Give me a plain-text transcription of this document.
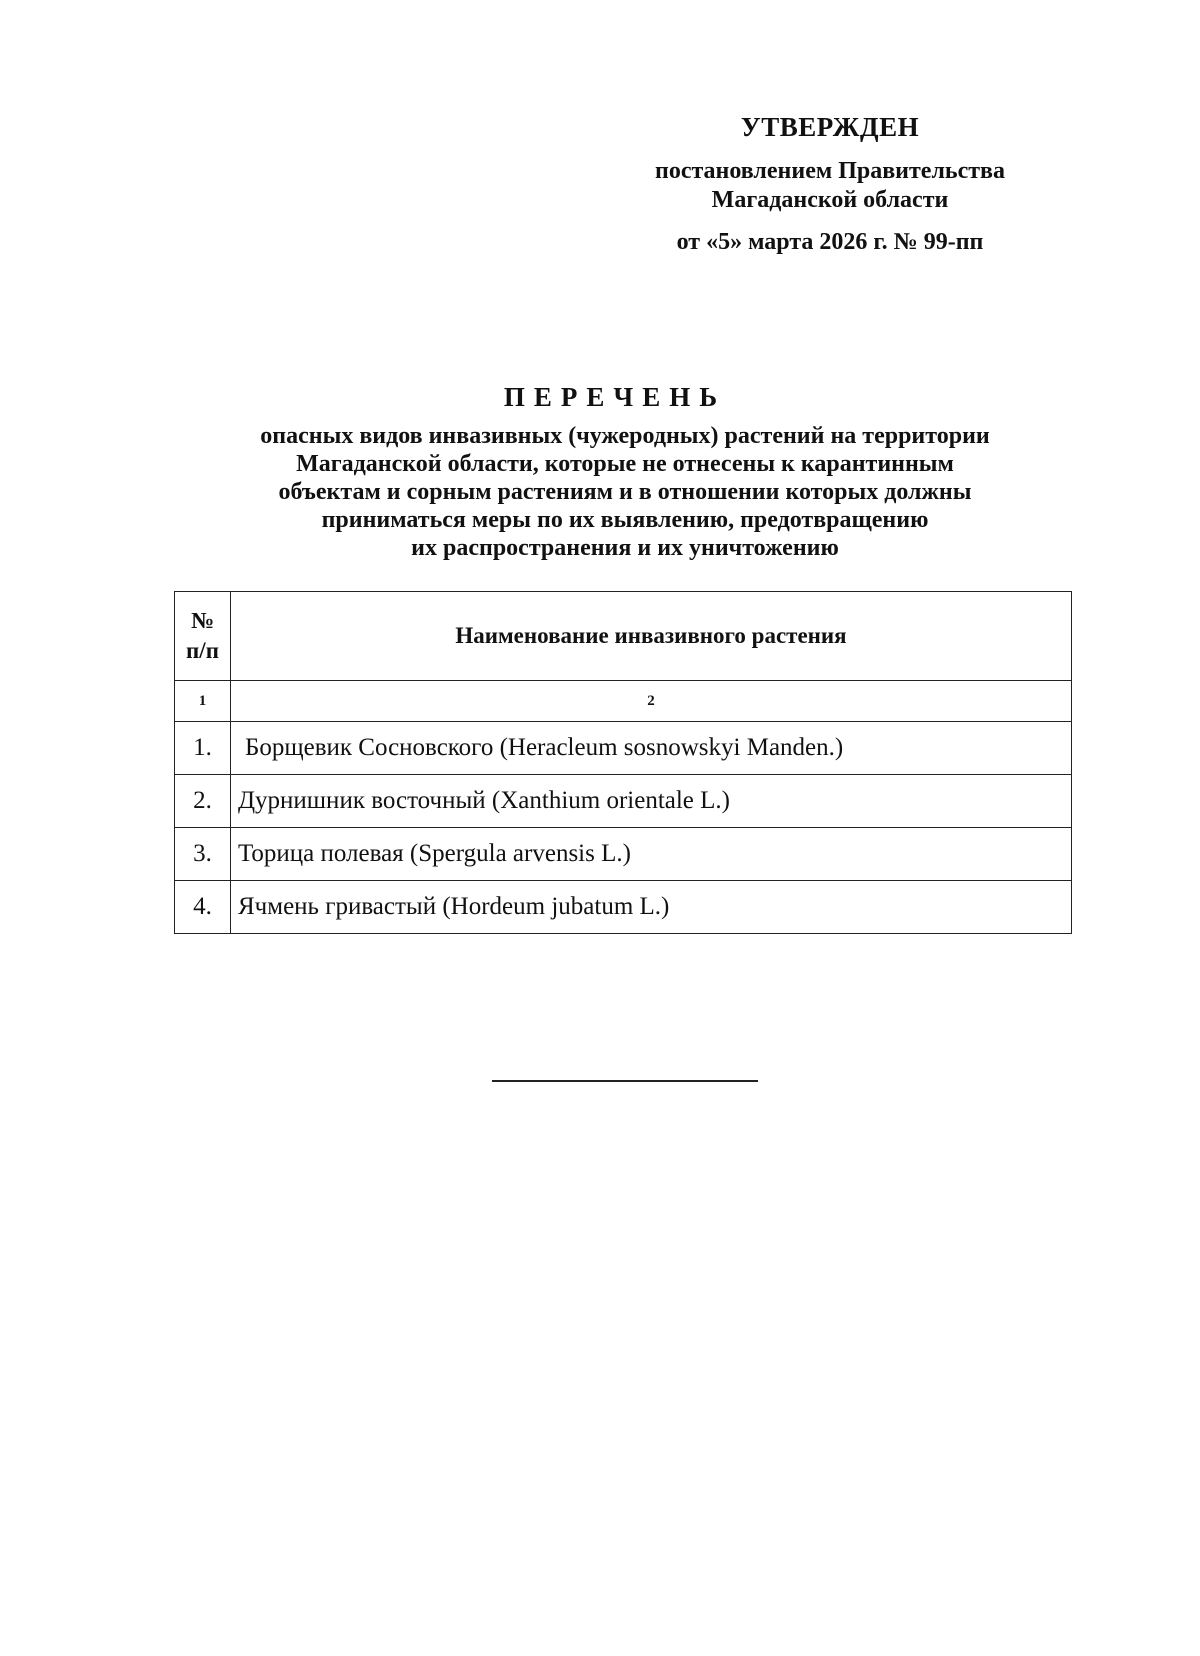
УТВЕРЖДЕН
постановлением Правительства
Магаданской области
от «5» марта 2026 г. № 99-пп
ПЕРЕЧЕНЬ
опасных видов инвазивных (чужеродных) растений на территории
Магаданской области, которые не отнесены к карантинным
объектам и сорным растениям и в отношении которых должны
приниматься меры по их выявлению, предотвращению
их распространения и их уничтожению
№
п/п	Наименование инвазивного растения
1	2
1.	Борщевик Сосновского (Heracleum sosnowskyi Manden.)
2.	Дурнишник восточный (Xanthium orientale L.)
3.	Торица полевая (Spergula arvensis L.)
4.	Ячмень гривастый (Hordeum jubatum L.)
